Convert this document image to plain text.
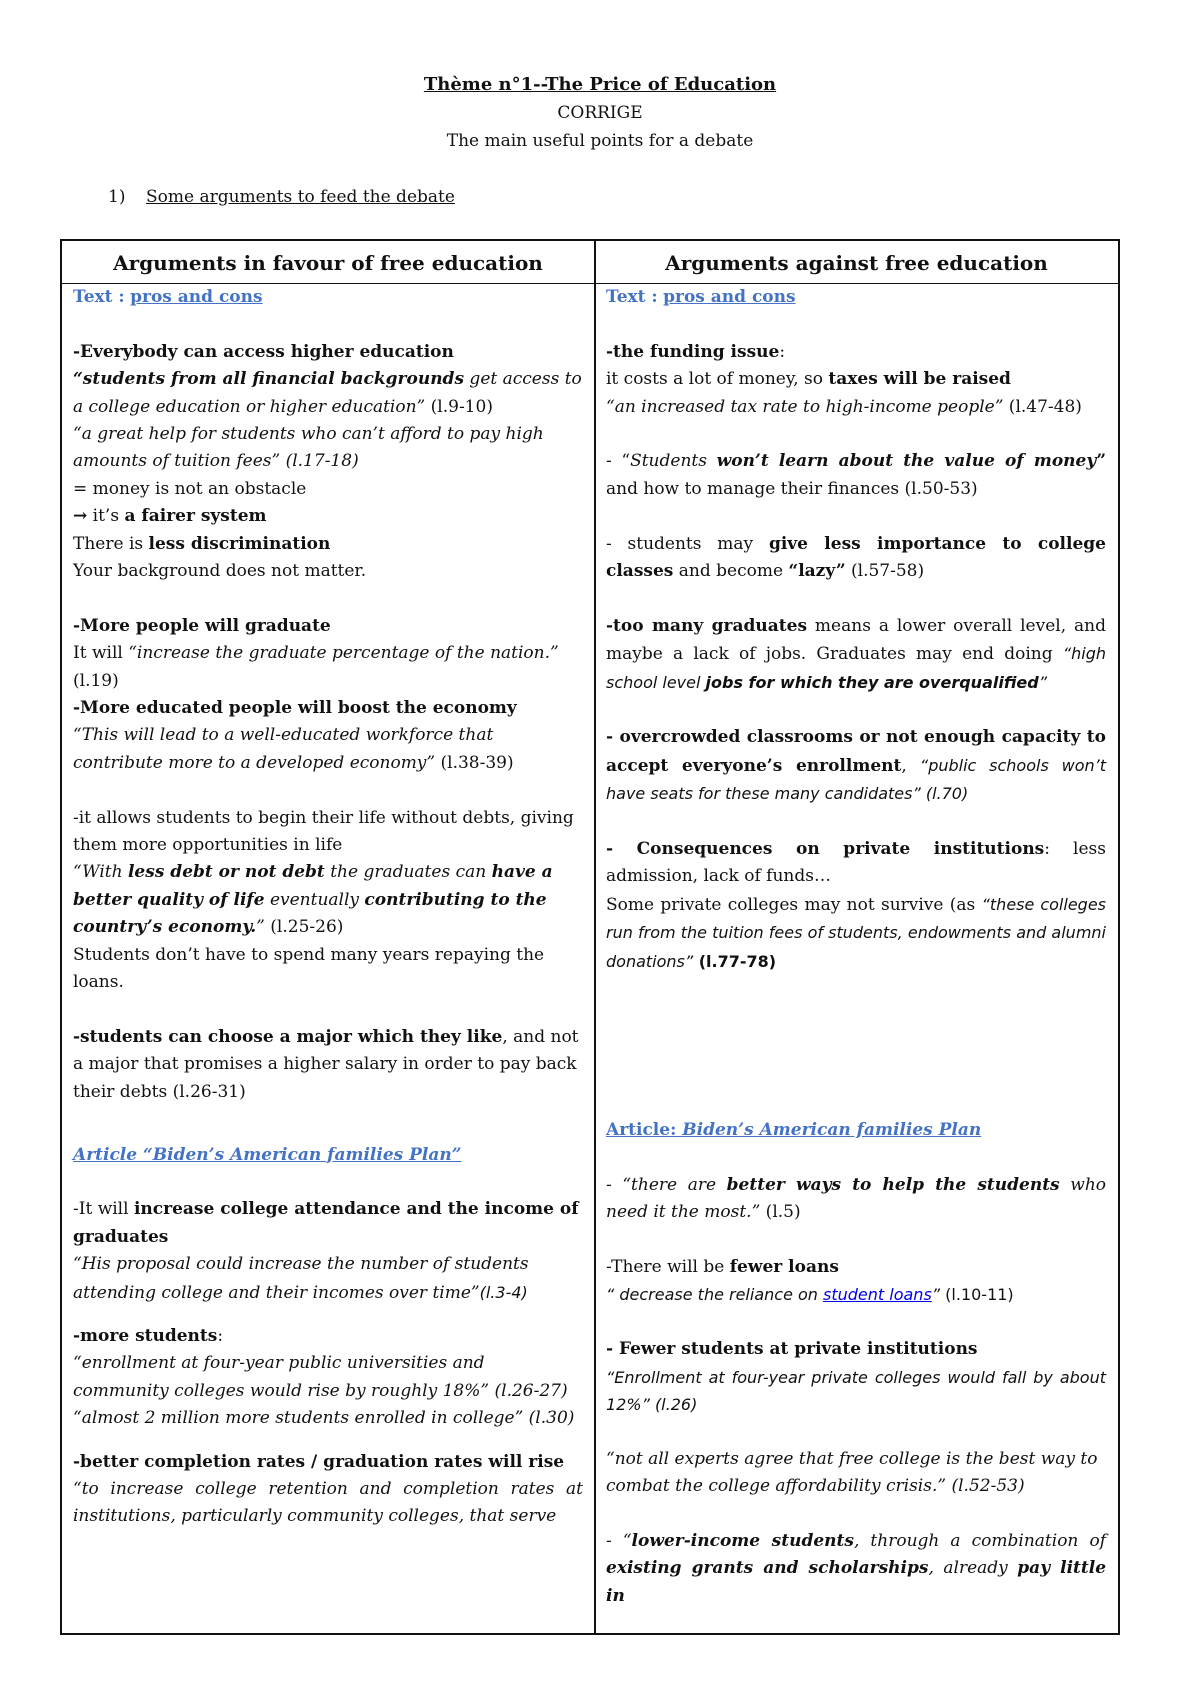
Thème n°1--The Price of Education
CORRIGE
The main useful points for a debate
1) Some arguments to feed the debate
Arguments in favour of free education	Arguments against free education

Text : pros and cons

-Everybody can access higher education

“students from all financial backgrounds get access to a college education or higher education” (l.9-10)

“a great help for students who can’t afford to pay high amounts of tuition fees” (l.17-18)

= money is not an obstacle

→ it’s a fairer system

There is less discrimination

Your background does not matter.

-More people will graduate

It will “increase the graduate percentage of the nation.” (l.19)

-More educated people will boost the economy

“This will lead to a well-educated workforce that contribute more to a developed economy” (l.38-39)

-it allows students to begin their life without debts, giving them more opportunities in life

“With less debt or not debt the graduates can have a better quality of life eventually contributing to the country’s economy.” (l.25-26)

Students don’t have to spend many years repaying the loans.

-students can choose a major which they like, and not a major that promises a higher salary in order to pay back their debts (l.26-31)

Article “Biden’s American families Plan”

-It will increase college attendance and the income of graduates

“His proposal could increase the number of students attending college and their incomes over time”(l.3-4)

-more students:

“enrollment at four-year public universities and community colleges would rise by roughly 18%” (l.26-27)

“almost 2 million more students enrolled in college” (l.30)

-better completion rates / graduation rates will rise

“to increase college retention and completion rates at institutions, particularly community colleges, that serve

Text : pros and cons

-the funding issue:

it costs a lot of money, so taxes will be raised

“an increased tax rate to high-income people” (l.47-48)

- “Students won’t learn about the value of money” and how to manage their finances (l.50-53)

- students may give less importance to college classes and become “lazy” (l.57-58)

-too many graduates means a lower overall level, and maybe a lack of jobs. Graduates may end doing “high school level jobs for which they are overqualified”

- overcrowded classrooms or not enough capacity to accept everyone’s enrollment, “public schools won’t have seats for these many candidates” (l.70)

- Consequences on private institutions: less admission, lack of funds…

Some private colleges may not survive (as “these colleges run from the tuition fees of students, endowments and alumni donations” (l.77-78)

Article: Biden’s American families Plan

- “there are better ways to help the students who need it the most.” (l.5)

-There will be fewer loans

“ decrease the reliance on student loans” (l.10-11)

- Fewer students at private institutions

“Enrollment at four-year private colleges would fall by about 12%” (l.26)

“not all experts agree that free college is the best way to combat the college affordability crisis.” (l.52-53)

- “lower-income students, through a combination of existing grants and scholarships, already pay little in
